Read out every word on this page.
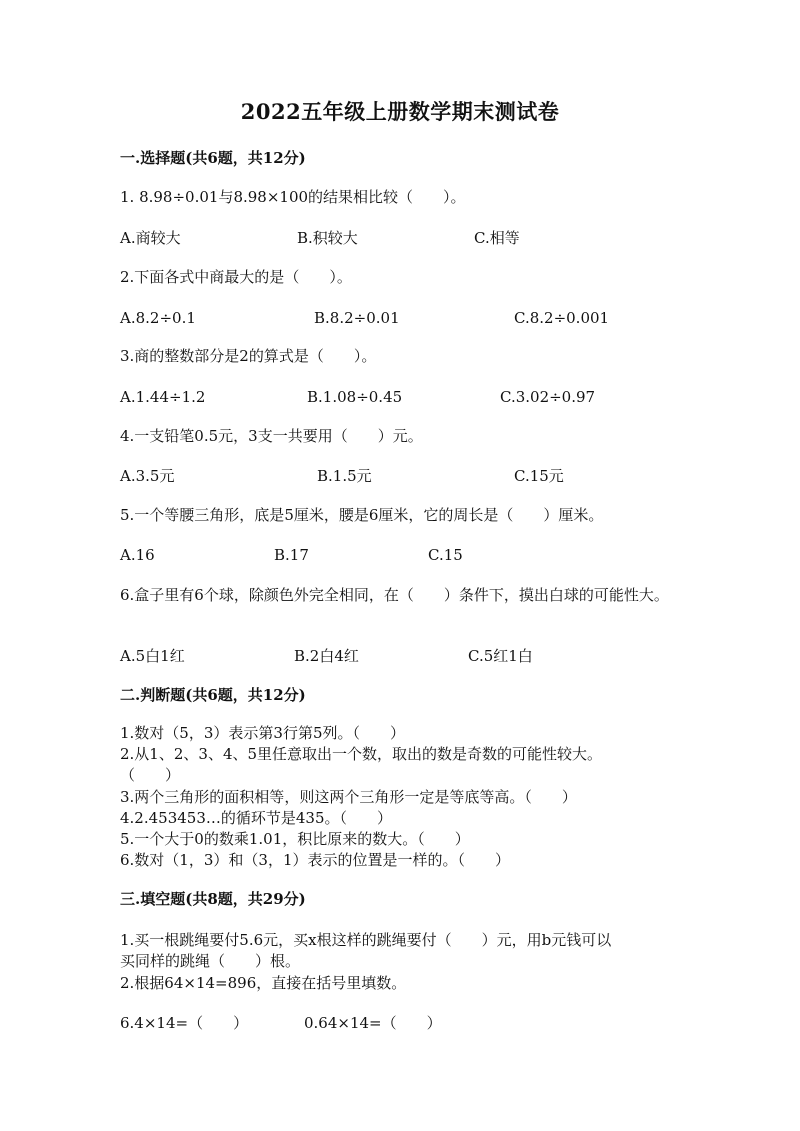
2022五年级上册数学期末测试卷
一.选择题(共6题，共12分)
1. 8.98÷0.01与8.98×100的结果相比较（　　）。
A.商较大	B.积较大	C.相等
2.下面各式中商最大的是（　　）。
A.8.2÷0.1	B.8.2÷0.01	C.8.2÷0.001
3.商的整数部分是2的算式是（　　）。
A.1.44÷1.2	B.1.08÷0.45	C.3.02÷0.97
4.一支铅笔0.5元，3支一共要用（　　）元。
A.3.5元	B.1.5元	C.15元
5.一个等腰三角形，底是5厘米，腰是6厘米，它的周长是（　　）厘米。
A.16	B.17	C.15
6.盒子里有6个球，除颜色外完全相同，在（　　）条件下，摸出白球的可能性大。
A.5白1红	B.2白4红	C.5红1白
二.判断题(共6题，共12分)
1.数对（5，3）表示第3行第5列。（　　）
2.从1、2、3、4、5里任意取出一个数，取出的数是奇数的可能性较大。
（　　）
3.两个三角形的面积相等，则这两个三角形一定是等底等高。（　　）
4.2.453453…的循环节是435。（　　）
5.一个大于0的数乘1.01，积比原来的数大。（　　）
6.数对（1，3）和（3，1）表示的位置是一样的。（　　）
三.填空题(共8题，共29分)
1.买一根跳绳要付5.6元，买x根这样的跳绳要付（　　）元，用b元钱可以
买同样的跳绳（　　）根。
2.根据64×14=896，直接在括号里填数。
6.4×14=（　　）	0.64×14=（　　）
